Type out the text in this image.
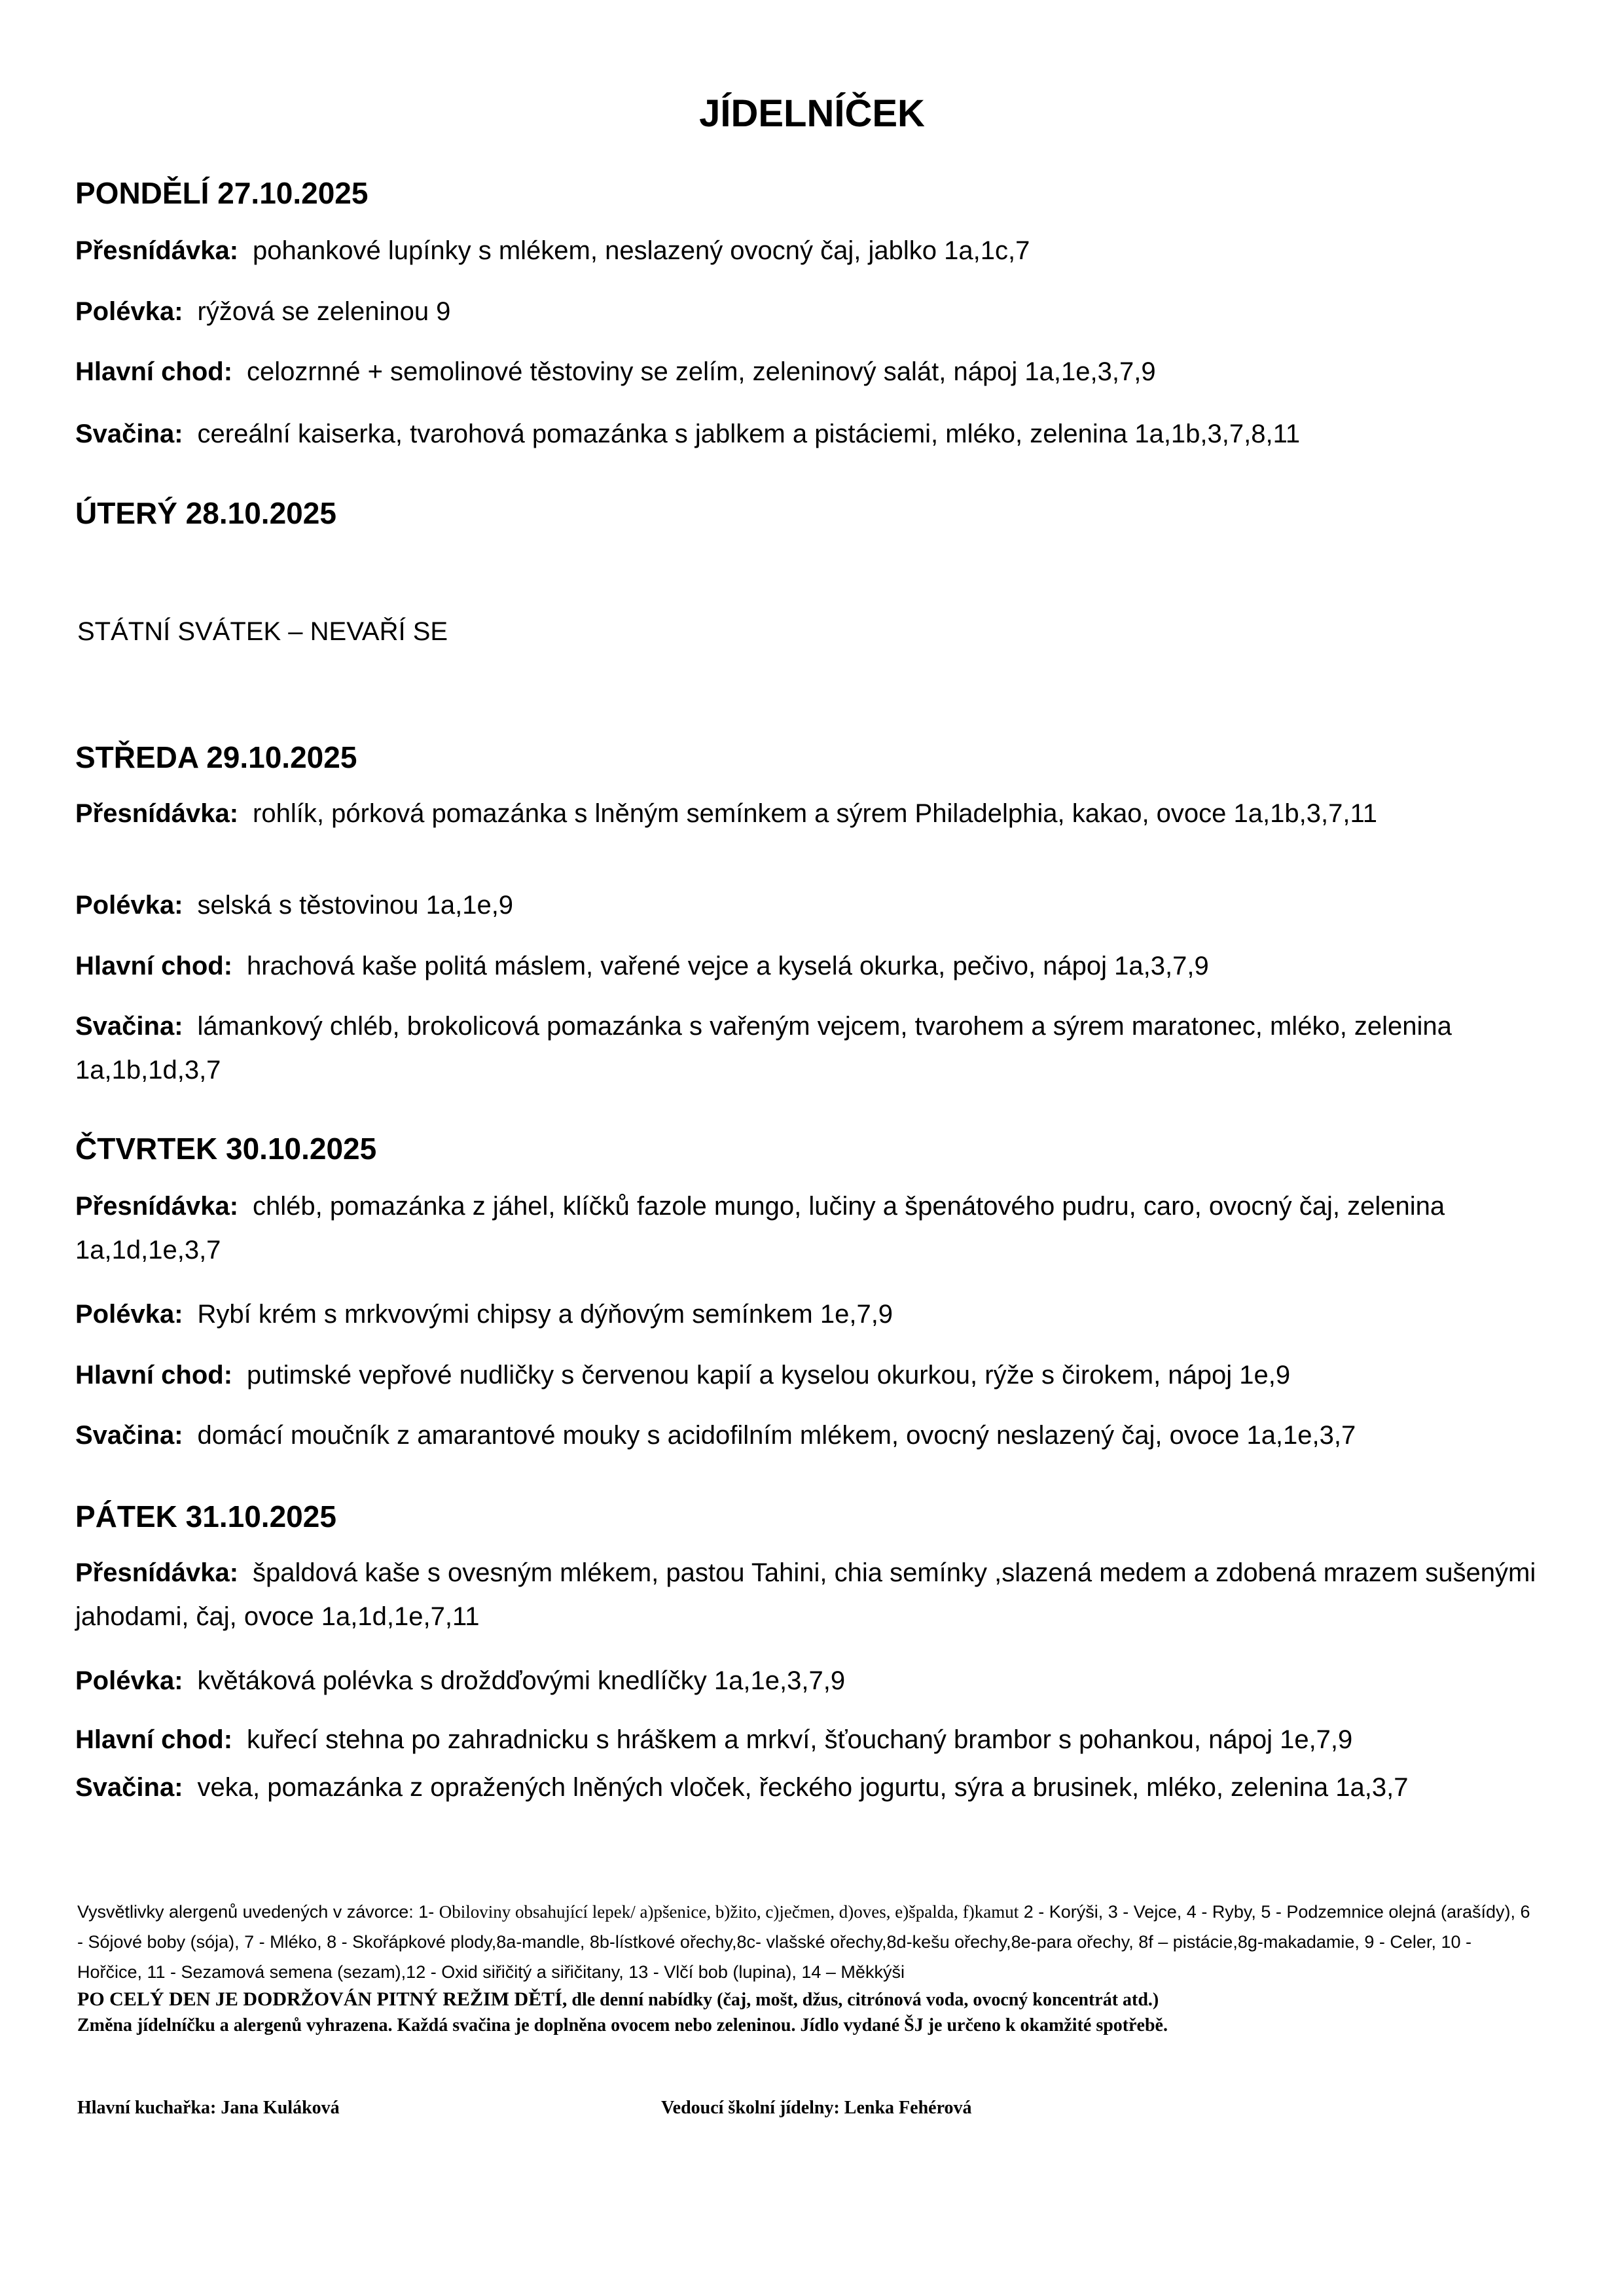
JÍDELNÍČEK
PONDĚLÍ 27.10.2025
Přesnídávka: pohankové lupínky s mlékem, neslazený ovocný čaj, jablko 1a,1c,7
Polévka: rýžová se zeleninou 9
Hlavní chod: celozrnné + semolinové těstoviny se zelím, zeleninový salát, nápoj 1a,1e,3,7,9
Svačina: cereální kaiserka, tvarohová pomazánka s jablkem a pistáciemi, mléko, zelenina 1a,1b,3,7,8,11
ÚTERÝ 28.10.2025
STÁTNÍ SVÁTEK – NEVAŘÍ SE
STŘEDA 29.10.2025
Přesnídávka: rohlík, pórková pomazánka s lněným semínkem a sýrem Philadelphia, kakao, ovoce 1a,1b,3,7,11
Polévka: selská s těstovinou 1a,1e,9
Hlavní chod: hrachová kaše politá máslem, vařené vejce a kyselá okurka, pečivo, nápoj 1a,3,7,9
Svačina: lámankový chléb, brokolicová pomazánka s vařeným vejcem, tvarohem a sýrem maratonec, mléko, zelenina 1a,1b,1d,3,7
ČTVRTEK 30.10.2025
Přesnídávka: chléb, pomazánka z jáhel, klíčků fazole mungo, lučiny a špenátového pudru, caro, ovocný čaj, zelenina 1a,1d,1e,3,7
Polévka: Rybí krém s mrkvovými chipsy a dýňovým semínkem 1e,7,9
Hlavní chod: putimské vepřové nudličky s červenou kapií a kyselou okurkou, rýže s čirokem, nápoj 1e,9
Svačina: domácí moučník z amarantové mouky s acidofilním mlékem, ovocný neslazený čaj, ovoce 1a,1e,3,7
PÁTEK 31.10.2025
Přesnídávka: špaldová kaše s ovesným mlékem, pastou Tahini, chia semínky ,slazená medem a zdobená mrazem sušenými jahodami, čaj, ovoce 1a,1d,1e,7,11
Polévka: květáková polévka s droždďovými knedlíčky 1a,1e,3,7,9
Hlavní chod: kuřecí stehna po zahradnicku s hráškem a mrkví, šťouchaný brambor s pohankou, nápoj 1e,7,9
Svačina: veka, pomazánka z opražených lněných vloček, řeckého jogurtu, sýra a brusinek, mléko, zelenina 1a,3,7
Vysvětlivky alergenů uvedených v závorce: 1- Obiloviny obsahující lepek/ a)pšenice, b)žito, c)ječmen, d)oves, e)špalda, f)kamut 2 - Korýši, 3 - Vejce, 4 - Ryby, 5 - Podzemnice olejná (arašídy), 6 - Sójové boby (sója), 7 - Mléko, 8 - Skořápkové plody,8a-mandle, 8b-lístkové ořechy,8c- vlašské ořechy,8d-kešu ořechy,8e-para ořechy, 8f – pistácie,8g-makadamie, 9 - Celer, 10 - Hořčice, 11 - Sezamová semena (sezam),12 - Oxid siřičitý a siřičitany, 13 - Vlčí bob (lupina), 14 – Měkkýši
PO CELÝ DEN JE DODRŽOVÁN PITNÝ REŽIM DĚTÍ, dle denní nabídky (čaj, mošt, džus, citrónová voda, ovocný koncentrát atd.)
Změna jídelníčku a alergenů vyhrazena. Každá svačina je doplněna ovocem nebo zeleninou. Jídlo vydané ŠJ je určeno k okamžité spotřebě.
Hlavní kuchařka: Jana Kuláková	Vedoucí školní jídelny: Lenka Fehérová
